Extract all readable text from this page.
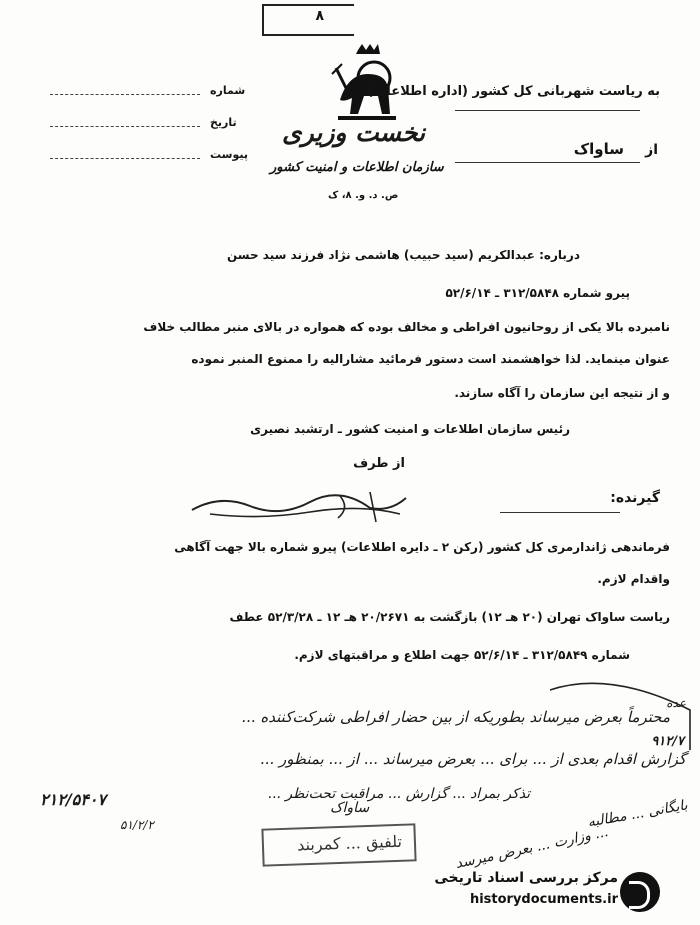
۸
به ریاست شهربانی کل کشور (اداره اطلاعات)
از
ساواک
نخست وزیری
سازمان اطلاعات و امنیت کشور
ص. د. و. ۸، ک
شماره
تاریخ
پیوست
درباره: عبدالکریم (سید حبیب) هاشمی نژاد فرزند سید حسن
پیرو شماره ۳۱۲/۵۸۴۸ ـ ۵۲/۶/۱۴
نامبرده بالا یکی از روحانیون افراطی و مخالف بوده که همواره در بالای منبر مطالب خلاف
عنوان مینماید. لذا خواهشمند است دستور فرمائید مشارالیه را ممنوع المنبر نموده
و از نتیجه این سازمان را آگاه سازند.
رئیس سازمان اطلاعات و امنیت کشور ـ ارتشبد نصیری
از طرف
گیرنده:
فرماندهی ژاندارمری کل کشور (رکن ۲ ـ دایره اطلاعات) پیرو شماره بالا جهت آگاهی
واقدام لازم.
ریاست ساواک تهران (۲۰ هـ ۱۲) بازگشت به ۲۰/۲۶۷۱ هـ ۱۲ ـ ۵۲/۳/۲۸ عطف
شماره ۳۱۲/۵۸۴۹ ـ ۵۲/۶/۱۴ جهت اطلاع و مراقبتهای لازم.
عده
۹۱۲/۷
محترماً بعرض میرساند بطوریکه از بین حضار افراطی شرکت‌کننده ...
گزارش اقدام بعدی از ... برای ... بعرض میرساند ... از ... بمنظور ...
تذکر بمراد ... گزارش ... مراقبت تحت‌نظر ...
۲۱۲/۵۴۰۷
۵۱/۲/۲
ساواک
تلفیق ... کمربند	... وزارت ... بعرض میرسد
بایگانی ... مطالبه
مرکز بررسی اسناد تاریخی
historydocuments.ir
